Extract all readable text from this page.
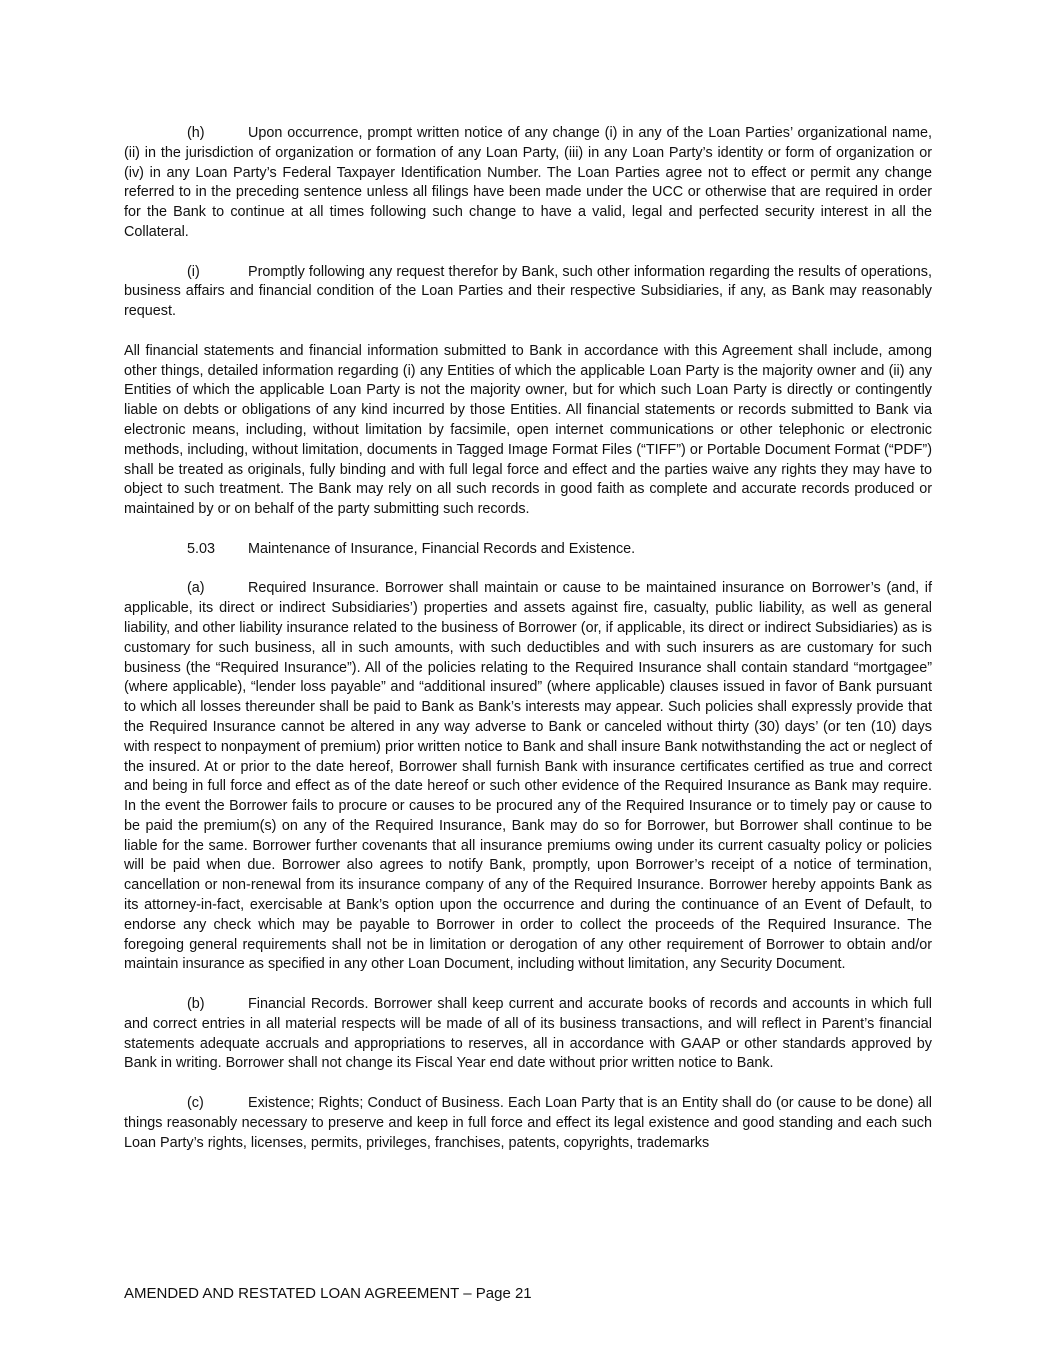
(h)	Upon occurrence, prompt written notice of any change (i) in any of the Loan Parties’ organizational name, (ii) in the jurisdiction of organization or formation of any Loan Party, (iii) in any Loan Party’s identity or form of organization or (iv) in any Loan Party’s Federal Taxpayer Identification Number. The Loan Parties agree not to effect or permit any change referred to in the preceding sentence unless all filings have been made under the UCC or otherwise that are required in order for the Bank to continue at all times following such change to have a valid, legal and perfected security interest in all the Collateral.

(i)	Promptly following any request therefor by Bank, such other information regarding the results of operations, business affairs and financial condition of the Loan Parties and their respective Subsidiaries, if any, as Bank may reasonably request.

All financial statements and financial information submitted to Bank in accordance with this Agreement shall include, among other things, detailed information regarding (i) any Entities of which the applicable Loan Party is the majority owner and (ii) any Entities of which the applicable Loan Party is not the majority owner, but for which such Loan Party is directly or contingently liable on debts or obligations of any kind incurred by those Entities. All financial statements or records submitted to Bank via electronic means, including, without limitation by facsimile, open internet communications or other telephonic or electronic methods, including, without limitation, documents in Tagged Image Format Files (“TIFF”) or Portable Document Format (“PDF”) shall be treated as originals, fully binding and with full legal force and effect and the parties waive any rights they may have to object to such treatment. The Bank may rely on all such records in good faith as complete and accurate records produced or maintained by or on behalf of the party submitting such records.

5.03 Maintenance of Insurance, Financial Records and Existence.

(a)	Required Insurance. Borrower shall maintain or cause to be maintained insurance on Borrower’s (and, if applicable, its direct or indirect Subsidiaries’) properties and assets against fire, casualty, public liability, as well as general liability, and other liability insurance related to the business of Borrower (or, if applicable, its direct or indirect Subsidiaries) as is customary for such business, all in such amounts, with such deductibles and with such insurers as are customary for such business (the “Required Insurance”). All of the policies relating to the Required Insurance shall contain standard “mortgagee” (where applicable), “lender loss payable” and “additional insured” (where applicable) clauses issued in favor of Bank pursuant to which all losses thereunder shall be paid to Bank as Bank’s interests may appear. Such policies shall expressly provide that the Required Insurance cannot be altered in any way adverse to Bank or canceled without thirty (30) days’ (or ten (10) days with respect to nonpayment of premium) prior written notice to Bank and shall insure Bank notwithstanding the act or neglect of the insured. At or prior to the date hereof, Borrower shall furnish Bank with insurance certificates certified as true and correct and being in full force and effect as of the date hereof or such other evidence of the Required Insurance as Bank may require. In the event the Borrower fails to procure or causes to be procured any of the Required Insurance or to timely pay or cause to be paid the premium(s) on any of the Required Insurance, Bank may do so for Borrower, but Borrower shall continue to be liable for the same. Borrower further covenants that all insurance premiums owing under its current casualty policy or policies will be paid when due. Borrower also agrees to notify Bank, promptly, upon Borrower’s receipt of a notice of termination, cancellation or non-renewal from its insurance company of any of the Required Insurance. Borrower hereby appoints Bank as its attorney-in-fact, exercisable at Bank’s option upon the occurrence and during the continuance of an Event of Default, to endorse any check which may be payable to Borrower in order to collect the proceeds of the Required Insurance. The foregoing general requirements shall not be in limitation or derogation of any other requirement of Borrower to obtain and/or maintain insurance as specified in any other Loan Document, including without limitation, any Security Document.

(b)	Financial Records. Borrower shall keep current and accurate books of records and accounts in which full and correct entries in all material respects will be made of all of its business transactions, and will reflect in Parent’s financial statements adequate accruals and appropriations to reserves, all in accordance with GAAP or other standards approved by Bank in writing. Borrower shall not change its Fiscal Year end date without prior written notice to Bank.

(c)	Existence; Rights; Conduct of Business. Each Loan Party that is an Entity shall do (or cause to be done) all things reasonably necessary to preserve and keep in full force and effect its legal existence and good standing and each such Loan Party’s rights, licenses, permits, privileges, franchises, patents, copyrights, trademarks

AMENDED AND RESTATED LOAN AGREEMENT – Page 21
